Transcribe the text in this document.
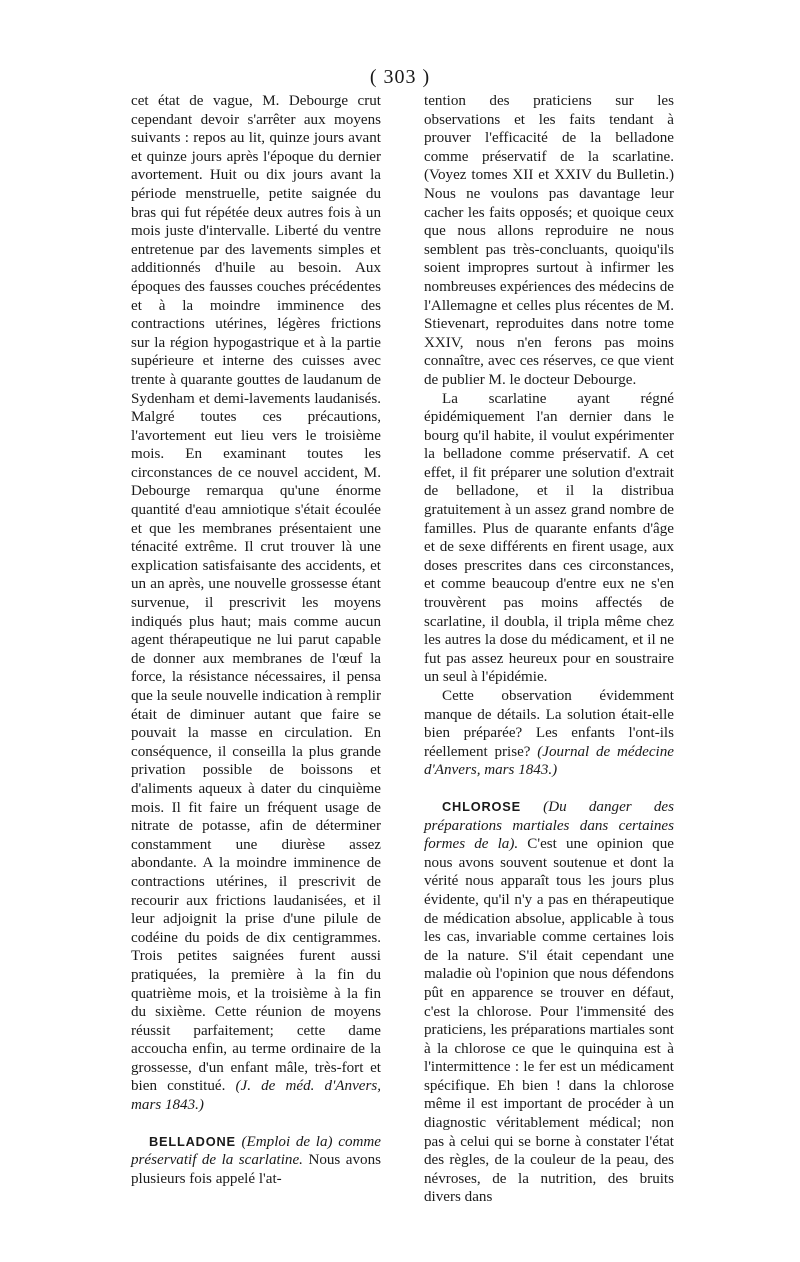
( 303 )

cet état de vague, M. Debourge crut cependant devoir s'arrêter aux moyens suivants : repos au lit, quinze jours avant et quinze jours après l'époque du dernier avortement. Huit ou dix jours avant la période menstruelle, petite saignée du bras qui fut répétée deux autres fois à un mois juste d'intervalle. Liberté du ventre entretenue par des lavements simples et additionnés d'huile au besoin. Aux époques des fausses couches précédentes et à la moindre imminence des contractions utérines, légères frictions sur la région hypogastrique et à la partie supérieure et interne des cuisses avec trente à quarante gouttes de laudanum de Sydenham et demi-lavements laudanisés. Malgré toutes ces précautions, l'avortement eut lieu vers le troisième mois. En examinant toutes les circonstances de ce nouvel accident, M. Debourge remarqua qu'une énorme quantité d'eau amniotique s'était écoulée et que les membranes présentaient une ténacité extrême. Il crut trouver là une explication satisfaisante des accidents, et un an après, une nouvelle grossesse étant survenue, il prescrivit les moyens indiqués plus haut; mais comme aucun agent thérapeutique ne lui parut capable de donner aux membranes de l'œuf la force, la résistance nécessaires, il pensa que la seule nouvelle indication à remplir était de diminuer autant que faire se pouvait la masse en circulation. En conséquence, il conseilla la plus grande privation possible de boissons et d'aliments aqueux à dater du cinquième mois. Il fit faire un fréquent usage de nitrate de potasse, afin de déterminer constamment une diurèse assez abondante. A la moindre imminence de contractions utérines, il prescrivit de recourir aux frictions laudanisées, et il leur adjoignit la prise d'une pilule de codéine du poids de dix centigrammes. Trois petites saignées furent aussi pratiquées, la première à la fin du quatrième mois, et la troisième à la fin du sixième. Cette réunion de moyens réussit parfaitement; cette dame accoucha enfin, au terme ordinaire de la grossesse, d'un enfant mâle, très-fort et bien constitué. (J. de méd. d'Anvers, mars 1843.)

BELLADONE (Emploi de la) comme préservatif de la scarlatine. Nous avons plusieurs fois appelé l'at-

tention des praticiens sur les observations et les faits tendant à prouver l'efficacité de la belladone comme préservatif de la scarlatine. (Voyez tomes XII et XXIV du Bulletin.) Nous ne voulons pas davantage leur cacher les faits opposés; et quoique ceux que nous allons reproduire ne nous semblent pas très-concluants, quoiqu'ils soient impropres surtout à infirmer les nombreuses expériences des médecins de l'Allemagne et celles plus récentes de M. Stievenart, reproduites dans notre tome XXIV, nous n'en ferons pas moins connaître, avec ces réserves, ce que vient de publier M. le docteur Debourge.

La scarlatine ayant régné épidémiquement l'an dernier dans le bourg qu'il habite, il voulut expérimenter la belladone comme préservatif. A cet effet, il fit préparer une solution d'extrait de belladone, et il la distribua gratuitement à un assez grand nombre de familles. Plus de quarante enfants d'âge et de sexe différents en firent usage, aux doses prescrites dans ces circonstances, et comme beaucoup d'entre eux ne s'en trouvèrent pas moins affectés de scarlatine, il doubla, il tripla même chez les autres la dose du médicament, et il ne fut pas assez heureux pour en soustraire un seul à l'épidémie.

Cette observation évidemment manque de détails. La solution était-elle bien préparée? Les enfants l'ont-ils réellement prise? (Journal de médecine d'Anvers, mars 1843.)

CHLOROSE (Du danger des préparations martiales dans certaines formes de la). C'est une opinion que nous avons souvent soutenue et dont la vérité nous apparaît tous les jours plus évidente, qu'il n'y a pas en thérapeutique de médication absolue, applicable à tous les cas, invariable comme certaines lois de la nature. S'il était cependant une maladie où l'opinion que nous défendons pût en apparence se trouver en défaut, c'est la chlorose. Pour l'immensité des praticiens, les préparations martiales sont à la chlorose ce que le quinquina est à l'intermittence : le fer est un médicament spécifique. Eh bien ! dans la chlorose même il est important de procéder à un diagnostic véritablement médical; non pas à celui qui se borne à constater l'état des règles, de la couleur de la peau, des névroses, de la nutrition, des bruits divers dans
